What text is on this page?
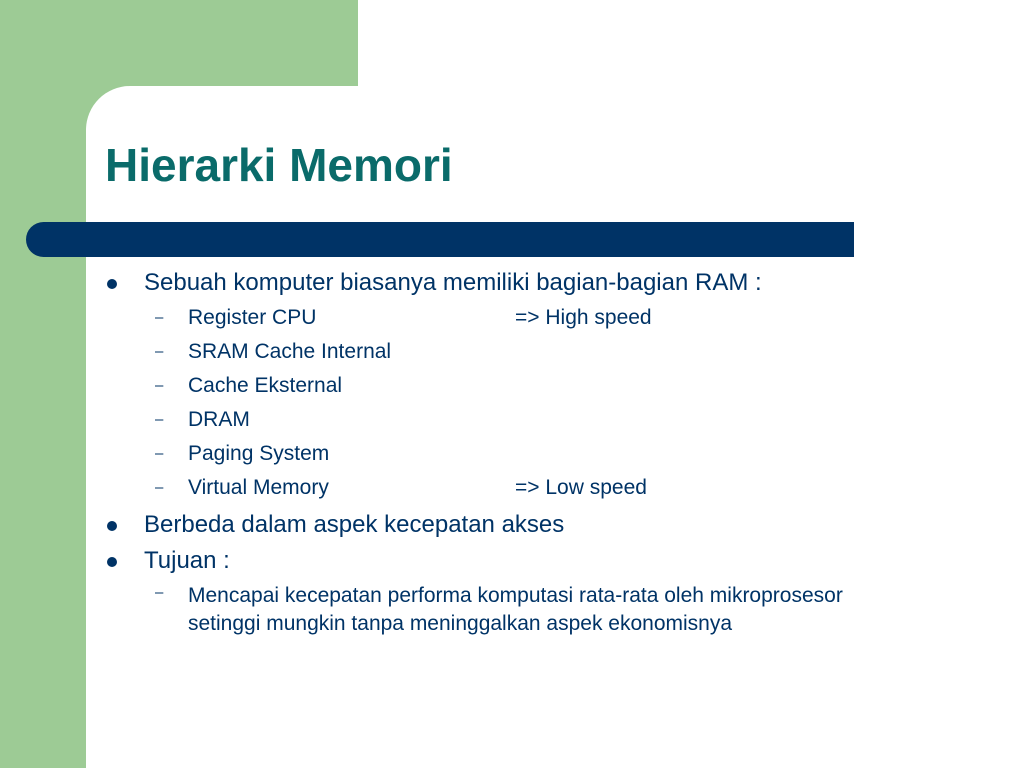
Hierarki Memori
Sebuah komputer biasanya memiliki bagian-bagian RAM :
– Register CPU	=> High speed
– SRAM Cache Internal
– Cache Eksternal
– DRAM
– Paging System
– Virtual Memory	=> Low speed
Berbeda dalam aspek kecepatan akses
Tujuan :
– Mencapai kecepatan performa komputasi rata-rata oleh mikroprosesor setinggi mungkin tanpa meninggalkan aspek ekonomisnya
